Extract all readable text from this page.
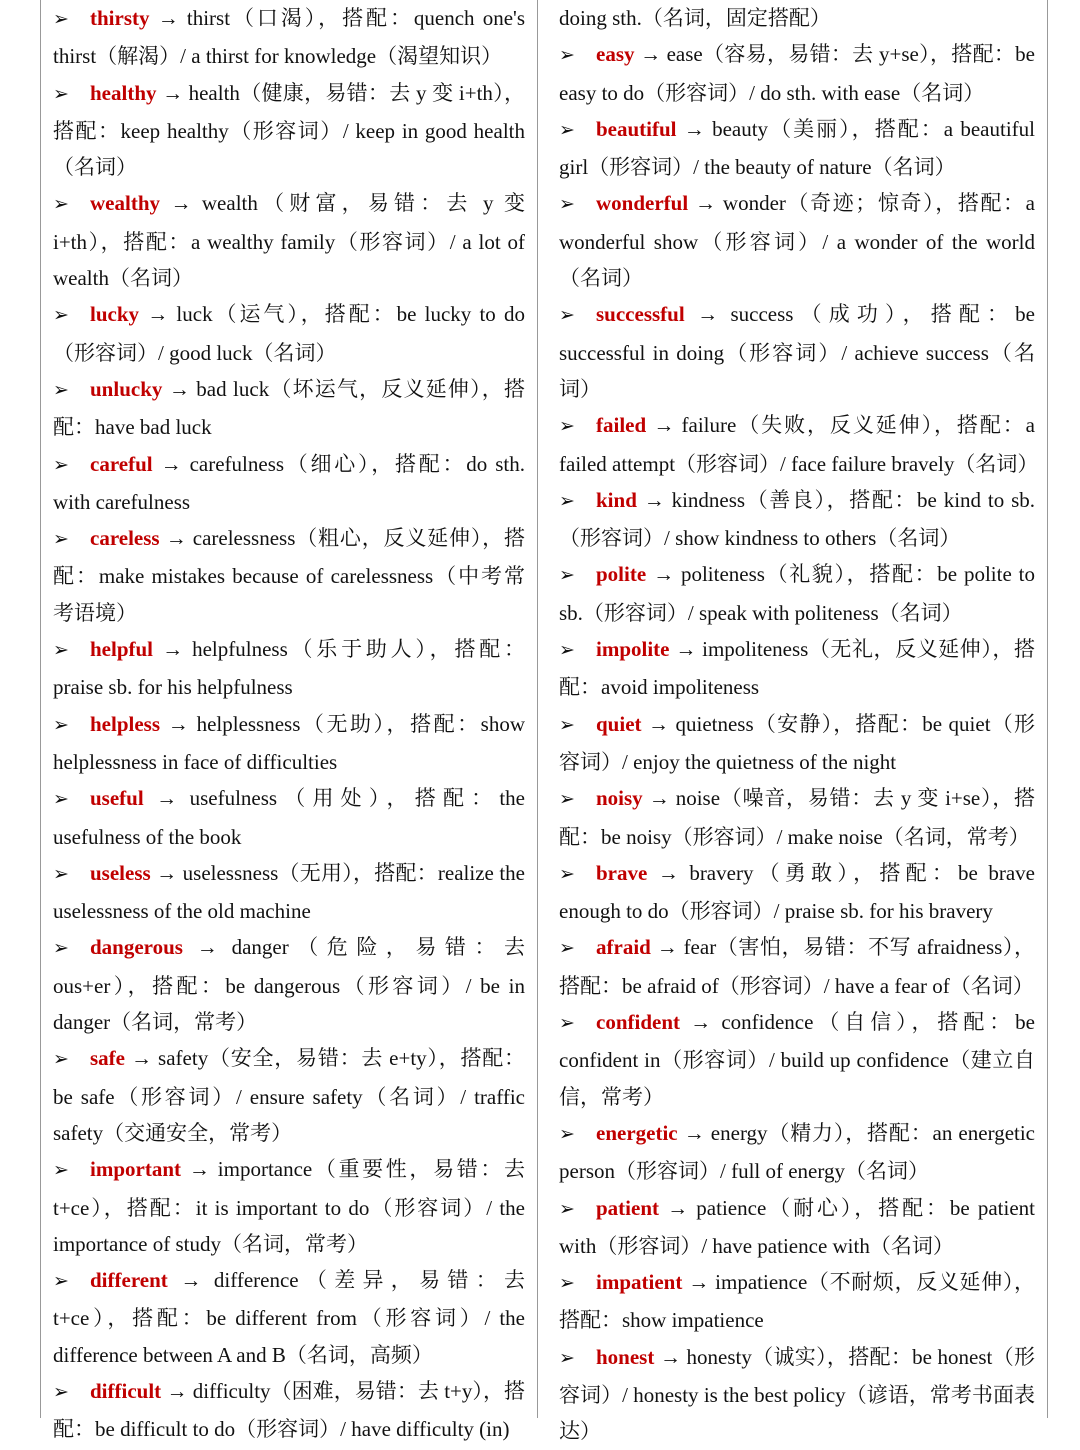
➢ thirsty → thirst（口渴），搭配：quench one's thirst（解渴）/ a thirst for knowledge（渴望知识）
➢ healthy → health（健康，易错：去 y 变 i+th），搭配：keep healthy（形容词）/ keep in good health（名词）
➢ wealthy → wealth（财富，易错：去 y 变 i+th），搭配：a wealthy family（形容词）/ a lot of wealth（名词）
➢ lucky → luck（运气），搭配：be lucky to do（形容词）/ good luck（名词）
➢ unlucky → bad luck（坏运气，反义延伸），搭配：have bad luck
➢ careful → carefulness（细心），搭配：do sth. with carefulness
➢ careless → carelessness（粗心，反义延伸），搭配：make mistakes because of carelessness（中考常考语境）
➢ helpful → helpfulness（乐于助人），搭配：praise sb. for his helpfulness
➢ helpless → helplessness（无助），搭配：show helplessness in face of difficulties
➢ useful → usefulness（用处），搭配：the usefulness of the book
➢ useless → uselessness（无用），搭配：realize the uselessness of the old machine
➢ dangerous → danger（危险，易错：去 ous+er），搭配：be dangerous（形容词）/ be in danger（名词，常考）
➢ safe → safety（安全，易错：去 e+ty），搭配：be safe（形容词）/ ensure safety（名词）/ traffic safety（交通安全，常考）
➢ important → importance（重要性，易错：去 t+ce），搭配：it is important to do（形容词）/ the importance of study（名词，常考）
➢ different → difference（差异，易错：去 t+ce），搭配：be different from（形容词）/ the difference between A and B（名词，高频）
➢ difficult → difficulty（困难，易错：去 t+y），搭配：be difficult to do（形容词）/ have difficulty (in)
doing sth.（名词，固定搭配）
➢ easy → ease（容易，易错：去 y+se），搭配：be easy to do（形容词）/ do sth. with ease（名词）
➢ beautiful → beauty（美丽），搭配：a beautiful girl（形容词）/ the beauty of nature（名词）
➢ wonderful → wonder（奇迹；惊奇），搭配：a wonderful show（形容词）/ a wonder of the world（名词）
➢ successful → success（成功），搭配：be successful in doing（形容词）/ achieve success（名词）
➢ failed → failure（失败，反义延伸），搭配：a failed attempt（形容词）/ face failure bravely（名词）
➢ kind → kindness（善良），搭配：be kind to sb.（形容词）/ show kindness to others（名词）
➢ polite → politeness（礼貌），搭配：be polite to sb.（形容词）/ speak with politeness（名词）
➢ impolite → impoliteness（无礼，反义延伸），搭配：avoid impoliteness
➢ quiet → quietness（安静），搭配：be quiet（形容词）/ enjoy the quietness of the night
➢ noisy → noise（噪音，易错：去 y 变 i+se），搭配：be noisy（形容词）/ make noise（名词，常考）
➢ brave → bravery（勇敢），搭配：be brave enough to do（形容词）/ praise sb. for his bravery
➢ afraid → fear（害怕，易错：不写 afraidness），搭配：be afraid of（形容词）/ have a fear of（名词）
➢ confident → confidence（自信），搭配：be confident in（形容词）/ build up confidence（建立自信，常考）
➢ energetic → energy（精力），搭配：an energetic person（形容词）/ full of energy（名词）
➢ patient → patience（耐心），搭配：be patient with（形容词）/ have patience with（名词）
➢ impatient → impatience（不耐烦，反义延伸），搭配：show impatience
➢ honest → honesty（诚实），搭配：be honest（形容词）/ honesty is the best policy（谚语，常考书面表达）
